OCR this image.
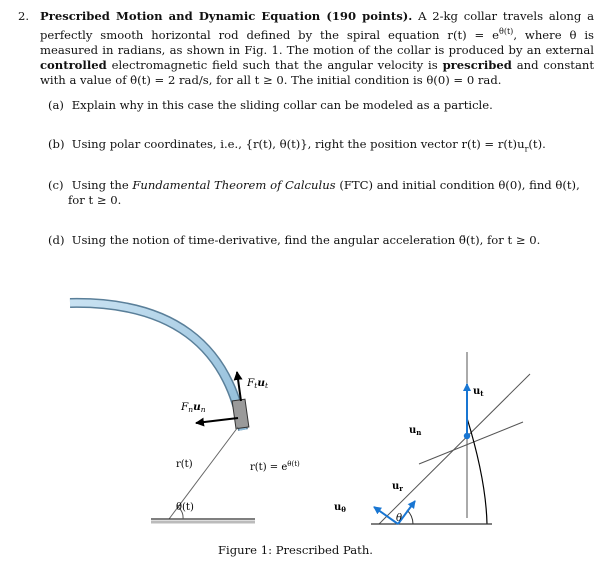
2. Prescribed Motion and Dynamic Equation (190 points). A 2-kg collar travels along a perfectly smooth horizontal rod defined by the spiral equation $r(t) = e^{\theta(t)}$, where θ is measured in radians, as shown in Fig. 1. The motion of the collar is produced by an external controlled electromagnetic field such that the angular velocity is prescribed and constant with a value of θ̇(t) = 2 rad/s, for all t ≥ 0. The initial condition is θ(0) = 0 rad.
(a) Explain why in this case the sliding collar can be modeled as a particle.
(b) Using polar coordinates, i.e., {r(t), θ(t)}, right the position vector $r(t) = r(t)u_r(t)$.
(c) Using the Fundamental Theorem of Calculus (FTC) and initial condition θ(0), find θ(t),
for t ≥ 0.
(d) Using the notion of time-derivative, find the angular acceleration θ̈(t), for t ≥ 0.
Ftut
Fnun
r(t)
θ(t)
$r(t) = e^{\theta(t)}$
$u_t$
$u_n$
$u_r$
$u_\theta$
θ
Figure 1: Prescribed Path.
